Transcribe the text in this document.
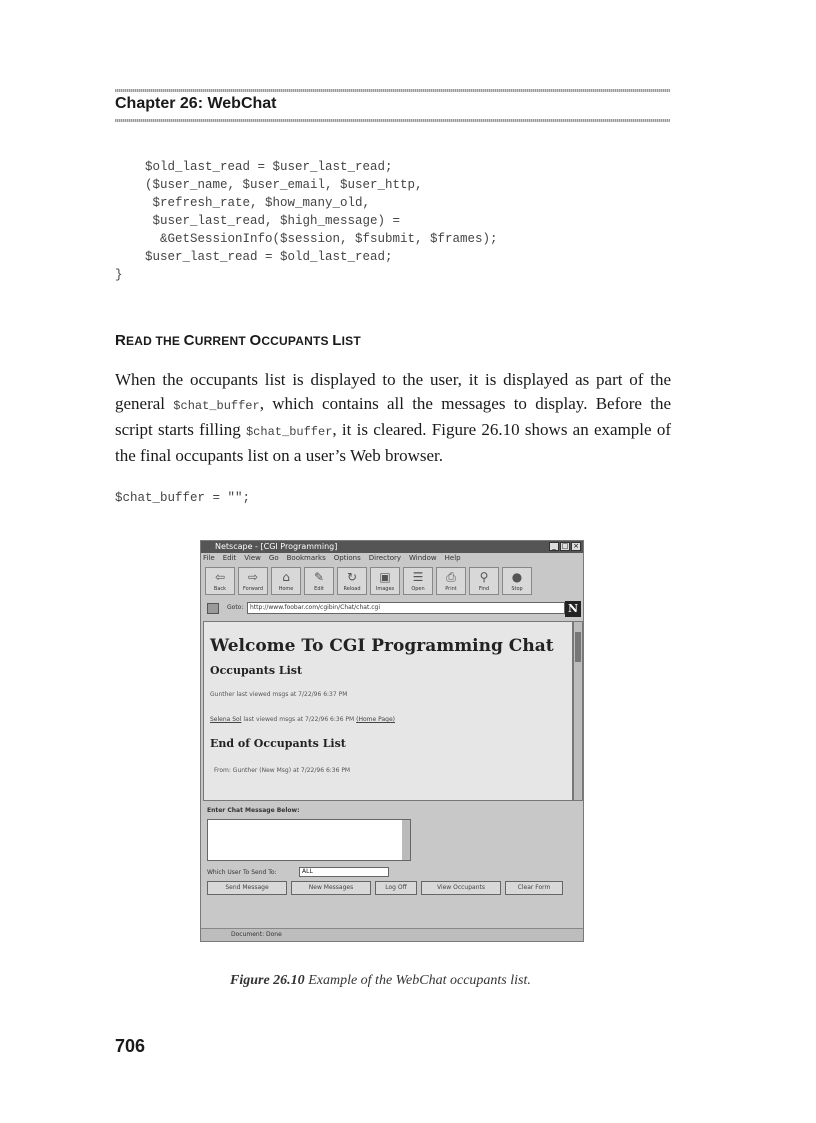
Chapter 26: WebChat
$old_last_read = $user_last_read;
($user_name, $user_email, $user_http,
$refresh_rate, $how_many_old,
$user_last_read, $high_message) =
&GetSessionInfo($session, $fsubmit, $frames);
$user_last_read = $old_last_read;
}
READ THE CURRENT OCCUPANTS LIST
When the occupants list is displayed to the user, it is displayed as part of the general $chat_buffer, which contains all the messages to display. Before the script starts filling $chat_buffer, it is cleared. Figure 26.10 shows an example of the final occupants list on a user’s Web browser.
$chat_buffer = "";
Netscape - [CGI Programming]	_ □ ×
File Edit View Go Bookmarks Options Directory Window Help
⇦
Back
⇨
Forward
⌂
Home
✎
Edit
↻
Reload
▣
Images
☰
Open
⎙
Print
⚲
Find
●
Stop
Goto:	http://www.foobar.com/cgibin/Chat/chat.cgi	N
Welcome To CGI Programming Chat
Occupants List
Gunther last viewed msgs at 7/22/96 6:37 PM
Selena Sol last viewed msgs at 7/22/96 6:36 PM (Home Page)
End of Occupants List
From: Gunther (New Msg) at 7/22/96 6:36 PM
Enter Chat Message Below:
Which User To Send To:	ALL
Send Message	New Messages	Log Off	View Occupants	Clear Form
Document: Done
Figure 26.10 Example of the WebChat occupants list.
706
